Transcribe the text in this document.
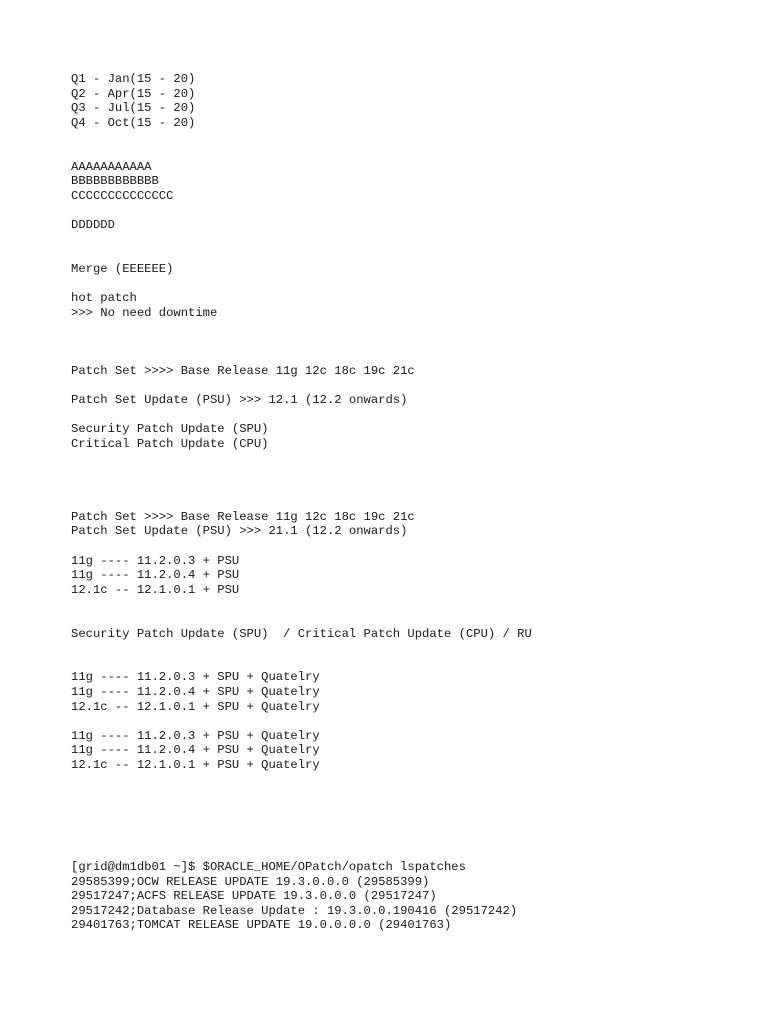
Q1 - Jan(15 - 20)
Q2 - Apr(15 - 20)
Q3 - Jul(15 - 20)
Q4 - Oct(15 - 20)
AAAAAAAAAAA
BBBBBBBBBBBB
CCCCCCCCCCCCCC
DDDDDD
Merge (EEEEEE)
hot patch
>>> No need downtime
Patch Set >>>> Base Release 11g 12c 18c 19c 21c
Patch Set Update (PSU) >>> 12.1 (12.2 onwards)
Security Patch Update (SPU)
Critical Patch Update (CPU)
Patch Set >>>> Base Release 11g 12c 18c 19c 21c
Patch Set Update (PSU) >>> 21.1 (12.2 onwards)
11g ---- 11.2.0.3 + PSU
11g ---- 11.2.0.4 + PSU
12.1c -- 12.1.0.1 + PSU
Security Patch Update (SPU)  / Critical Patch Update (CPU) / RU
11g ---- 11.2.0.3 + SPU + Quatelry
11g ---- 11.2.0.4 + SPU + Quatelry
12.1c -- 12.1.0.1 + SPU + Quatelry
11g ---- 11.2.0.3 + PSU + Quatelry
11g ---- 11.2.0.4 + PSU + Quatelry
12.1c -- 12.1.0.1 + PSU + Quatelry
[grid@dm1db01 ~]$ $ORACLE_HOME/OPatch/opatch lspatches
29585399;OCW RELEASE UPDATE 19.3.0.0.0 (29585399)
29517247;ACFS RELEASE UPDATE 19.3.0.0.0 (29517247)
29517242;Database Release Update : 19.3.0.0.190416 (29517242)
29401763;TOMCAT RELEASE UPDATE 19.0.0.0.0 (29401763)
